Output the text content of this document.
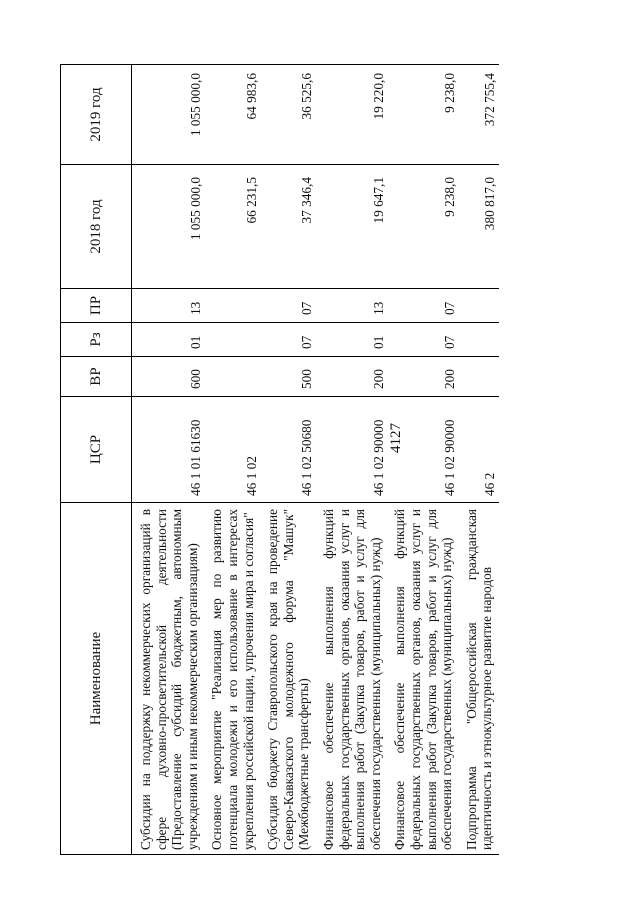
4127
Наименование	ЦСР	ВР	Рз	ПР	2018 год	2019 год
Субсидии на поддержку некоммерческих организаций в сфере духовно-просветительской деятельности (Предоставление субсидий бюджетным, автономным учреждениям и иным некоммерческим организациям)	46 1 01 61630	600	01	13	1 055 000,0	1 055 000,0
Основное мероприятие "Реализация мер по развитию потенциала молодежи и его использование в интересах укрепления российской нации, упрочения мира и согласия"	46 1 02				66 231,5	64 983,6
Субсидия бюджету Ставропольского края на проведение Северо-Кавказского молодежного форума "Машук" (Межбюджетные трансферты)	46 1 02 50680	500	07	07	37 346,4	36 525,6
Финансовое обеспечение выполнения функций федеральных государственных органов, оказания услуг и выполнения работ (Закупка товаров, работ и услуг для обеспечения государственных (муниципальных) нужд)	46 1 02 90000	200	01	13	19 647,1	19 220,0
Финансовое обеспечение выполнения функций федеральных государственных органов, оказания услуг и выполнения работ (Закупка товаров, работ и услуг для обеспечения государственных (муниципальных) нужд)	46 1 02 90000	200	07	07	9 238,0	9 238,0
Подпрограмма "Общероссийская гражданская идентичность и этнокультурное развитие народов	46 2				380 817,0	372 755,4
